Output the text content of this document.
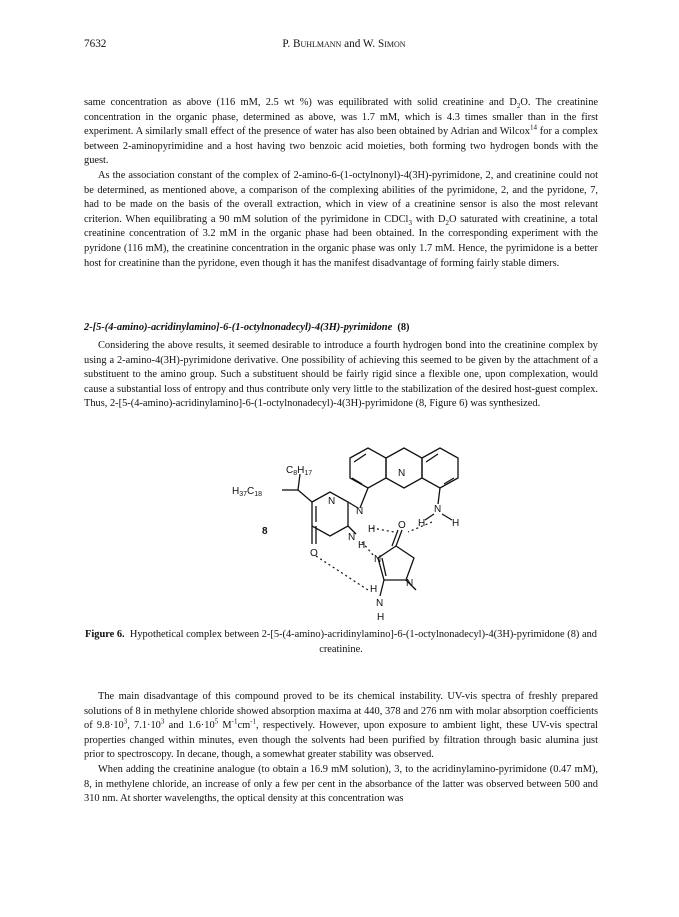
7632	P. Buhlmann and W. Simon

same concentration as above (116 mM, 2.5 wt %) was equilibrated with solid creatinine and $D_2O$. The creatinine concentration in the organic phase, determined as above, was 1.7 mM, which is 4.3 times smaller than in the first experiment. A similarly small effect of the presence of water has also been obtained by Adrian and Wilcox$^{14}$ for a complex between 2-aminopyrimidine and a host having two benzoic acid moieties, both forming two hydrogen bonds with the guest.

As the association constant of the complex of 2-amino-6-(1-octylnonyl)-4(3H)-pyrimidone, 2, and creatinine could not be determined, as mentioned above, a comparison of the complexing abilities of the pyrimidone, 2, and the pyridone, 7, had to be made on the basis of the overall extraction, which in view of a creatinine sensor is also the most relevant criterion. When equilibrating a 90 mM solution of the pyrimidone in CDCl$_3$ with $D_2O$ saturated with creatinine, a total creatinine concentration of 3.2 mM in the organic phase had been obtained. In the corresponding experiment with the pyridone (116 mM), the creatinine concentration in the organic phase was only 1.7 mM. Hence, the pyrimidone is a better host for creatinine than the pyridone, even though it has the manifest disadvantage of forming fairly stable dimers.

2-[5-(4-amino)-acridinylamino]-6-(1-octylnonadecyl)-4(3H)-pyrimidone (8)

Considering the above results, it seemed desirable to introduce a fourth hydrogen bond into the creatinine complex by using a 2-amino-4(3H)-pyrimidone derivative. One possibility of achieving this seemed to be given by the attachment of a substituent to the amino group. Such a substituent should be fairly rigid since a flexible one, upon complexation, would cause a substantial loss of entropy and thus contribute only very little to the stabilization of the desired host-guest complex. Thus, 2-[5-(4-amino)-acridinylamino]-6-(1-octylnonadecyl)-4(3H)-pyrimidone (8, Figure 6) was synthesized.

$C_8H_{17}$
$H_{37}C_{18}$
8
N
N
H
N
N
H	H
N
H
O
O
N
N
H
N
H
Figure 6. Hypothetical complex between 2-[5-(4-amino)-acridinylamino]-6-(1-octylnonadecyl)-4(3H)-pyrimidone (8) and creatinine.

The main disadvantage of this compound proved to be its chemical instability. UV-vis spectra of freshly prepared solutions of 8 in methylene chloride showed absorption maxima at 440, 378 and 276 nm with molar absorption coefficients of $9.8\cdot 10^3$, $7.1\cdot 10^3$ and $1.6\cdot 10^5$ $M^{-1}cm^{-1}$, respectively. However, upon exposure to ambient light, these UV-vis spectral properties changed within minutes, even though the solvents had been purified by filtration through basic alumina just prior to spectroscopy. In decane, though, a somewhat greater stability was observed.

When adding the creatinine analogue (to obtain a 16.9 mM solution), 3, to the acridinylamino-pyrimidone (0.47 mM), 8, in methylene chloride, an increase of only a few per cent in the absorbance of the latter was observed between 500 and 310 nm. At shorter wavelengths, the optical density at this concentration was
